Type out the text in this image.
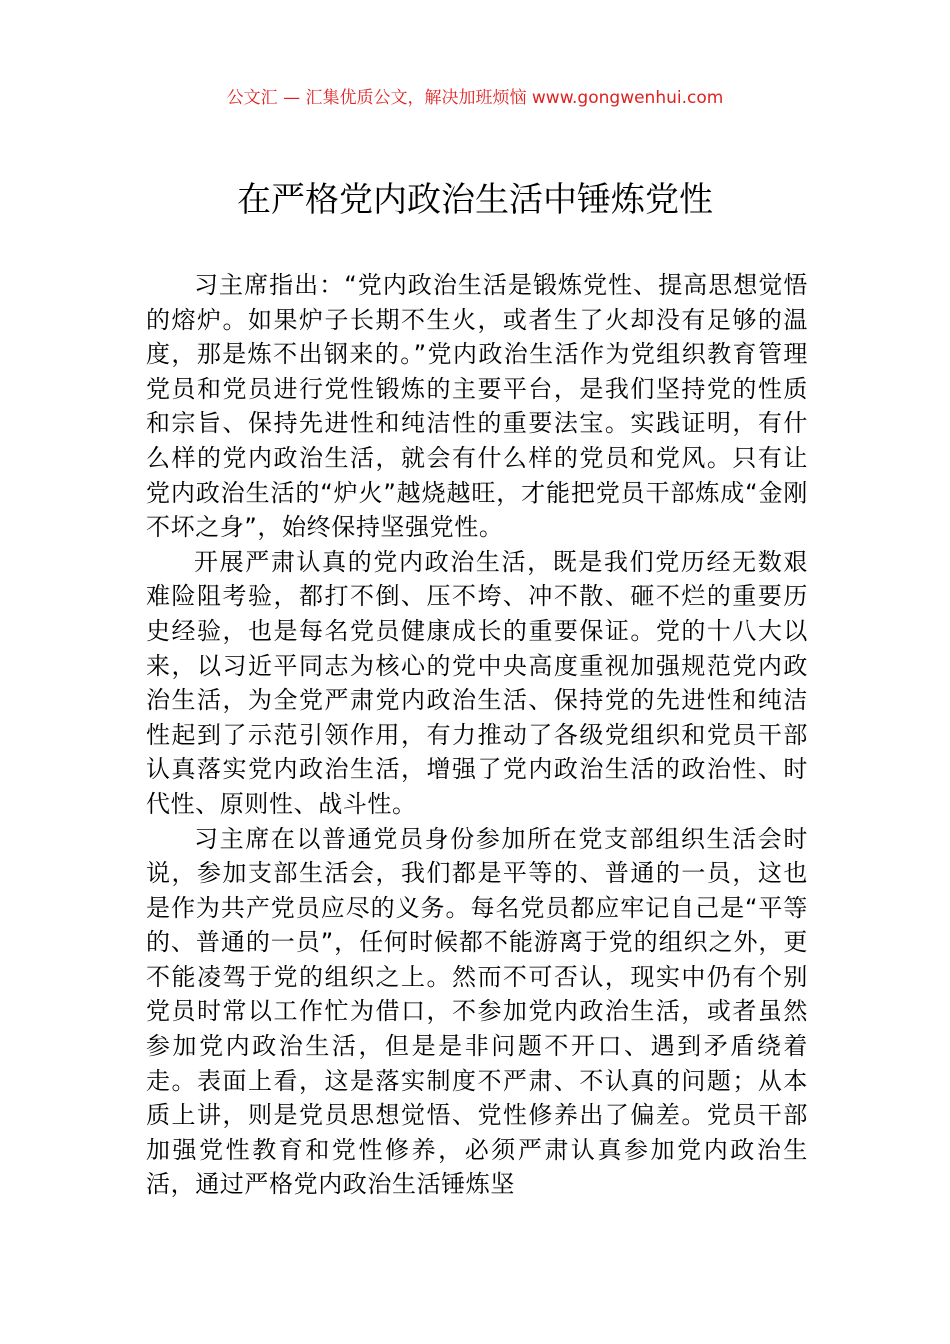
公文汇 — 汇集优质公文，解决加班烦恼 www.gongwenhui.com
在严格党内政治生活中锤炼党性

习主席指出：“党内政治生活是锻炼党性、提高思想觉悟的熔炉。如果炉子长期不生火，或者生了火却没有足够的温度，那是炼不出钢来的。”党内政治生活作为党组织教育管理党员和党员进行党性锻炼的主要平台，是我们坚持党的性质和宗旨、保持先进性和纯洁性的重要法宝。实践证明，有什么样的党内政治生活，就会有什么样的党员和党风。只有让党内政治生活的“炉火”越烧越旺，才能把党员干部炼成“金刚不坏之身”，始终保持坚强党性。

开展严肃认真的党内政治生活，既是我们党历经无数艰难险阻考验，都打不倒、压不垮、冲不散、砸不烂的重要历史经验，也是每名党员健康成长的重要保证。党的十八大以来，以习近平同志为核心的党中央高度重视加强规范党内政治生活，为全党严肃党内政治生活、保持党的先进性和纯洁性起到了示范引领作用，有力推动了各级党组织和党员干部认真落实党内政治生活，增强了党内政治生活的政治性、时代性、原则性、战斗性。

习主席在以普通党员身份参加所在党支部组织生活会时说，参加支部生活会，我们都是平等的、普通的一员，这也是作为共产党员应尽的义务。每名党员都应牢记自己是“平等的、普通的一员”，任何时候都不能游离于党的组织之外，更不能凌驾于党的组织之上。然而不可否认，现实中仍有个别党员时常以工作忙为借口，不参加党内政治生活，或者虽然参加党内政治生活，但是是非问题不开口、遇到矛盾绕着走。表面上看，这是落实制度不严肃、不认真的问题；从本质上讲，则是党员思想觉悟、党性修养出了偏差。党员干部加强党性教育和党性修养，必须严肃认真参加党内政治生活，通过严格党内政治生活锤炼坚
